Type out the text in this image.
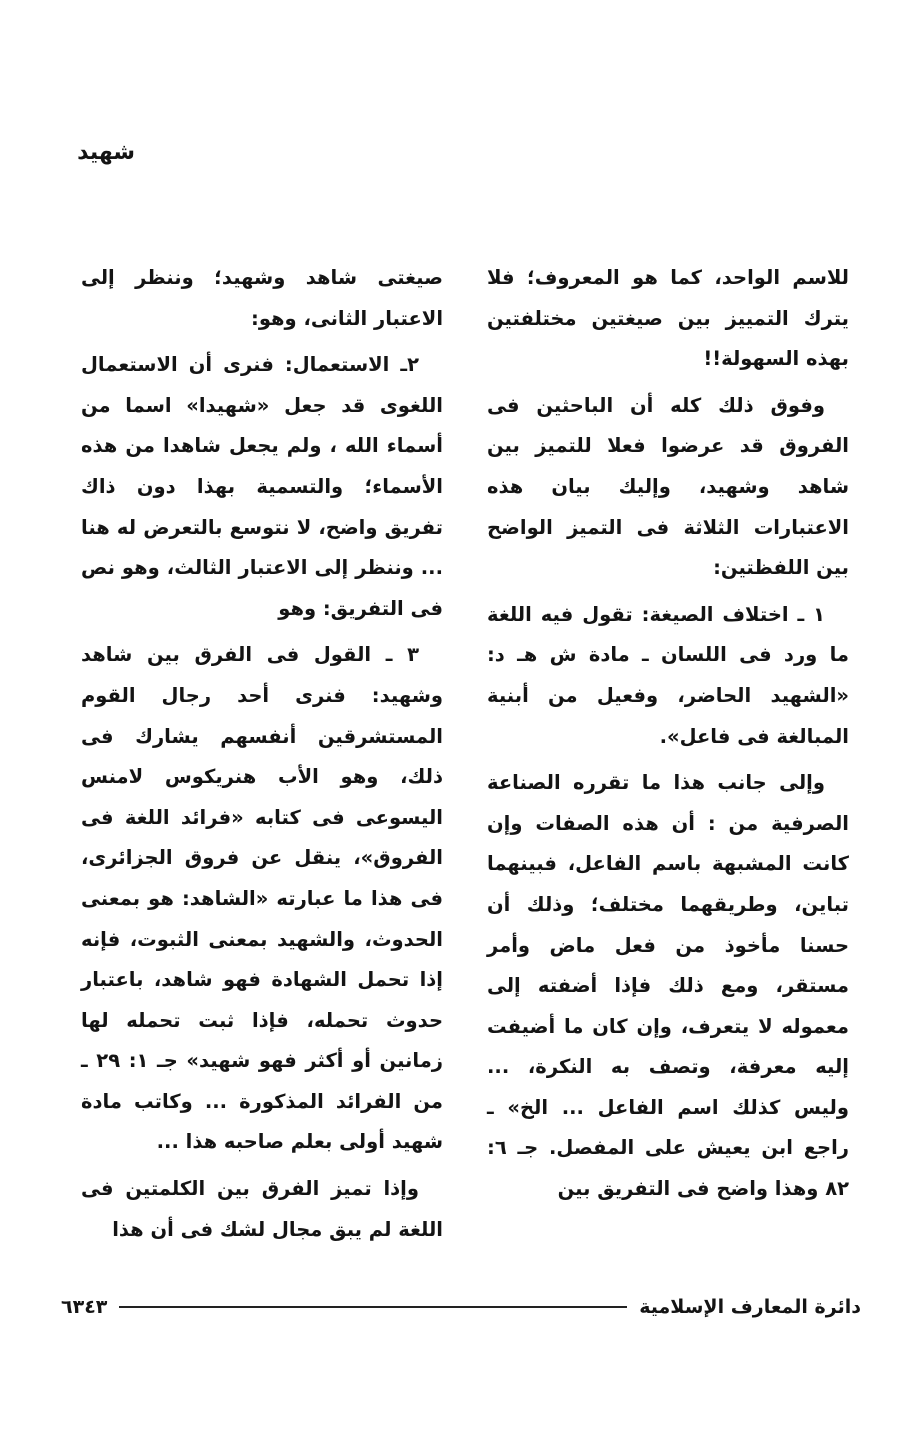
شهيد

للاسم الواحد، كما هو المعروف؛ فلا يترك التمييز بين صيغتين مختلفتين بهذه السهولة!!

وفوق ذلك كله أن الباحثين فى الفروق قد عرضوا فعلا للتميز بين شاهد وشهيد، وإليك بيان هذه الاعتبارات الثلاثة فى التميز الواضح بين اللفظتين:

١ ـ اختلاف الصيغة: تقول فيه اللغة ما ورد فى اللسان ـ مادة ش هـ د: «الشهيد الحاضر، وفعيل من أبنية المبالغة فى فاعل».

وإلى جانب هذا ما تقرره الصناعة الصرفية من : أن هذه الصفات وإن كانت المشبهة باسم الفاعل، فبينهما تباين، وطريقهما مختلف؛ وذلك أن حسنا مأخوذ من فعل ماض وأمر مستقر، ومع ذلك فإذا أضفته إلى معموله لا يتعرف، وإن كان ما أضيفت إليه معرفة، وتصف به النكرة، ... وليس كذلك اسم الفاعل ... الخ» ـ راجع ابن يعيش على المفصل. جـ ٦: ٨٢ وهذا واضح فى التفريق بين

صيغتى شاهد وشهيد؛ وننظر إلى الاعتبار الثانى، وهو:

٢ـ الاستعمال: فنرى أن الاستعمال اللغوى قد جعل «شهيدا» اسما من أسماء الله ، ولم يجعل شاهدا من هذه الأسماء؛ والتسمية بهذا دون ذاك تفريق واضح، لا نتوسع بالتعرض له هنا ... وننظر إلى الاعتبار الثالث، وهو نص فى التفريق: وهو

٣ ـ القول فى الفرق بين شاهد وشهيد: فنرى أحد رجال القوم المستشرقين أنفسهم يشارك فى ذلك، وهو الأب هنريكوس لامنس اليسوعى فى كتابه «فرائد اللغة فى الفروق»، ينقل عن فروق الجزائرى، فى هذا ما عبارته «الشاهد: هو بمعنى الحدوث، والشهيد بمعنى الثبوت، فإنه إذا تحمل الشهادة فهو شاهد، باعتبار حدوث تحمله، فإذا ثبت تحمله لها زمانين أو أكثر فهو شهيد» جـ ١: ٢٩ ـ من الفرائد المذكورة ... وكاتب مادة شهيد أولى بعلم صاحبه هذا ...

وإذا تميز الفرق بين الكلمتين فى اللغة لم يبق مجال لشك فى أن هذا

دائرة المعارف الإسلامية
٦٣٤٣
